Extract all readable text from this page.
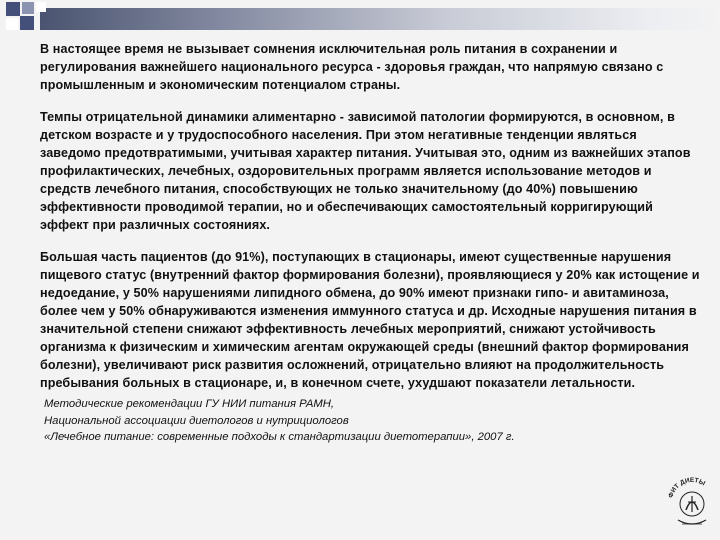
В настоящее время не вызывает сомнения исключительная роль питания в сохранении и регулирования важнейшего национального ресурса - здоровья граждан, что напрямую связано с промышленным и экономическим потенциалом страны.

Темпы отрицательной динамики алиментарно - зависимой патологии формируются, в основном, в детском возрасте и у трудоспособного населения. При этом негативные тенденции являться заведомо предотвратимыми, учитывая характер питания. Учитывая это, одним из важнейших этапов профилактических, лечебных, оздоровительных программ является использование методов и средств лечебного питания, способствующих не только значительному (до 40%) повышению эффективности проводимой терапии, но и обеспечивающих самостоятельный корригирующий эффект при различных состояниях.

Большая часть пациентов (до 91%), поступающих в стационары, имеют существенные нарушения пищевого статус (внутренний фактор формирования болезни), проявляющиеся у 20% как истощение и недоедание, у 50% нарушениями липидного обмена, до 90% имеют признаки гипо- и авитаминоза, более чем у 50% обнаруживаются изменения иммунного статуса и др. Исходные нарушения питания в значительной степени снижают эффективность лечебных мероприятий, снижают устойчивость организма к физическим и химическим агентам окружающей среды (внешний фактор формирования болезни), увеличивают риск развития осложнений, отрицательно влияют на продолжительность пребывания больных в стационаре, и, в конечном счете, ухудшают показатели летальности.

Методические рекомендации ГУ НИИ питания РАМН,
Национальной ассоциации диетологов и нутрициологов
«Лечебное питание: современные подходы к стандартизации диетотерапии», 2007 г.
ФИТ ДИЕТЫ
